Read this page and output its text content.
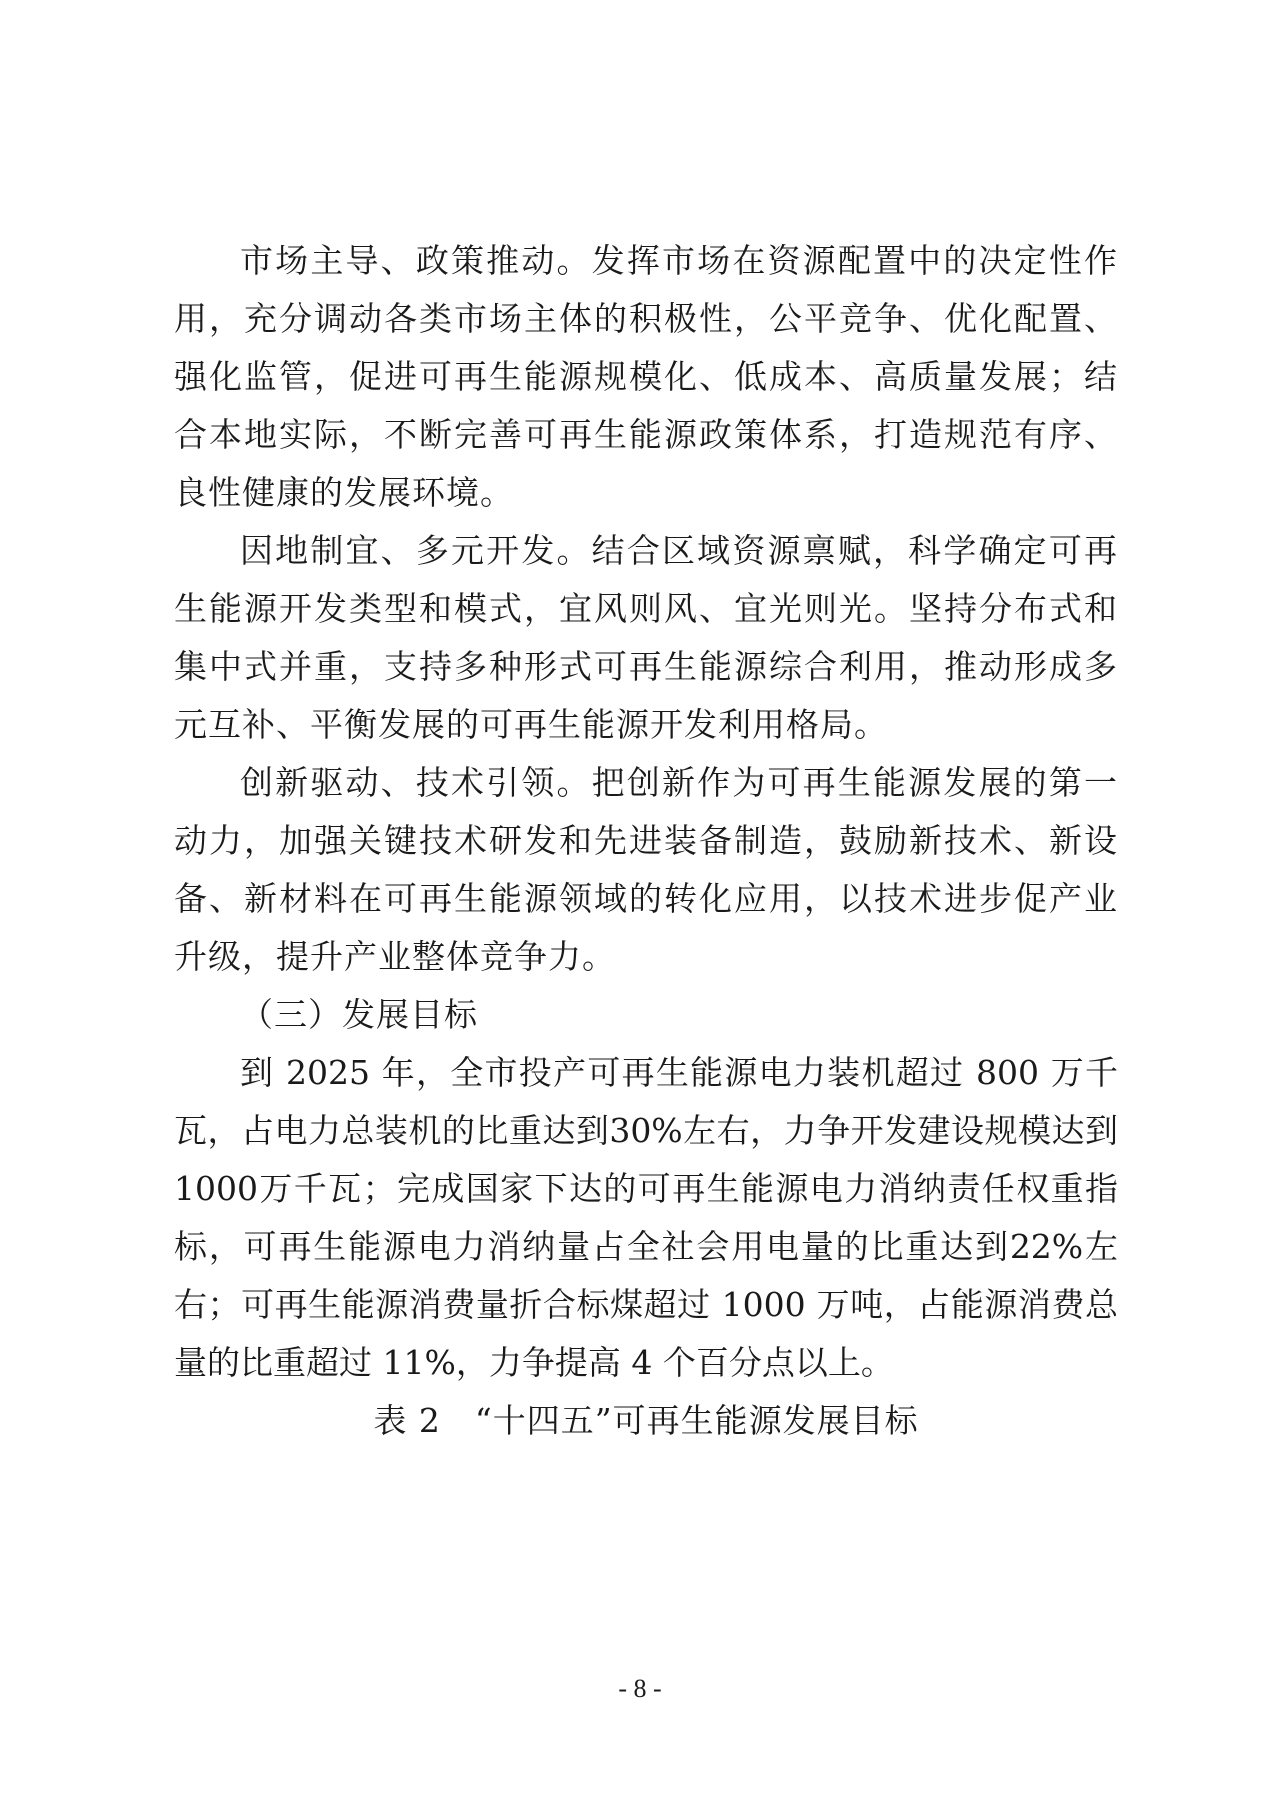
市场主导、政策推动。发挥市场在资源配置中的决定性作用，充分调动各类市场主体的积极性，公平竞争、优化配置、强化监管，促进可再生能源规模化、低成本、高质量发展；结合本地实际，不断完善可再生能源政策体系，打造规范有序、良性健康的发展环境。

因地制宜、多元开发。结合区域资源禀赋，科学确定可再生能源开发类型和模式，宜风则风、宜光则光。坚持分布式和集中式并重，支持多种形式可再生能源综合利用，推动形成多元互补、平衡发展的可再生能源开发利用格局。

创新驱动、技术引领。把创新作为可再生能源发展的第一动力，加强关键技术研发和先进装备制造，鼓励新技术、新设备、新材料在可再生能源领域的转化应用，以技术进步促产业升级，提升产业整体竞争力。

（三）发展目标

到 2025 年，全市投产可再生能源电力装机超过 800 万千瓦，占电力总装机的比重达到30%左右，力争开发建设规模达到1000万千瓦；完成国家下达的可再生能源电力消纳责任权重指标，可再生能源电力消纳量占全社会用电量的比重达到22%左右；可再生能源消费量折合标煤超过 1000 万吨，占能源消费总量的比重超过 11%，力争提高 4 个百分点以上。

表 2　“十四五”可再生能源发展目标

- 8 -
